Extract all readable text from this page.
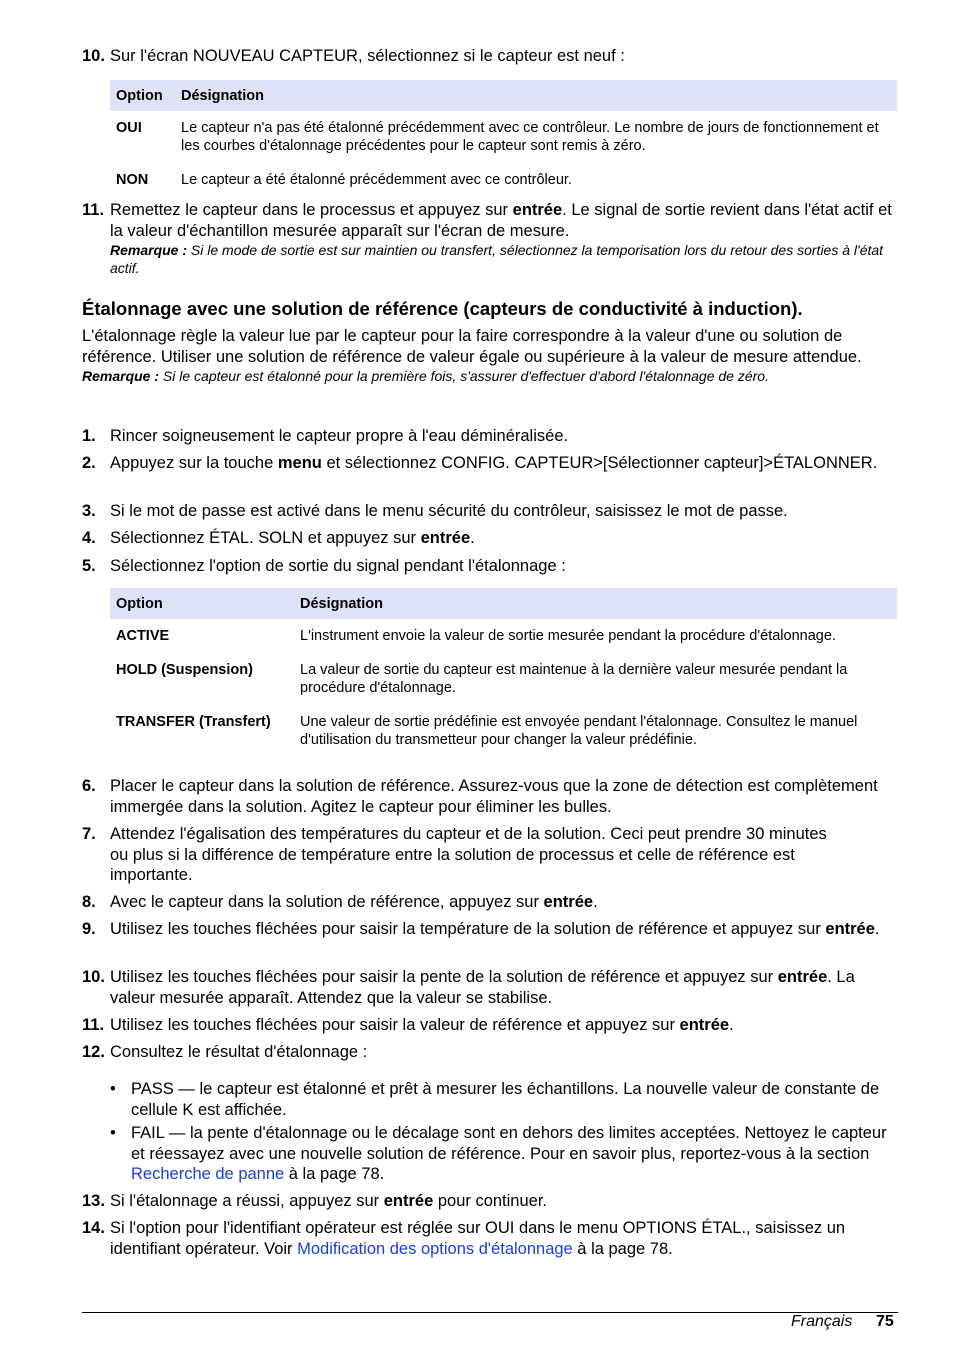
10. Sur l'écran NOUVEAU CAPTEUR, sélectionnez si le capteur est neuf :
Option	Désignation
OUI	Le capteur n'a pas été étalonné précédemment avec ce contrôleur. Le nombre de jours de fonctionnement et les courbes d'étalonnage précédentes pour le capteur sont remis à zéro.
NON	Le capteur a été étalonné précédemment avec ce contrôleur.
11. Remettez le capteur dans le processus et appuyez sur entrée. Le signal de sortie revient dans l'état actif et la valeur d'échantillon mesurée apparaît sur l'écran de mesure.
Remarque : Si le mode de sortie est sur maintien ou transfert, sélectionnez la temporisation lors du retour des sorties à l'état actif.
Étalonnage avec une solution de référence (capteurs de conductivité à induction).
L'étalonnage règle la valeur lue par le capteur pour la faire correspondre à la valeur d'une ou solution de référence. Utiliser une solution de référence de valeur égale ou supérieure à la valeur de mesure attendue.
Remarque : Si le capteur est étalonné pour la première fois, s'assurer d'effectuer d'abord l'étalonnage de zéro.
1. Rincer soigneusement le capteur propre à l'eau déminéralisée.
2. Appuyez sur la touche menu et sélectionnez CONFIG. CAPTEUR>[Sélectionner capteur]>ÉTALONNER.
3. Si le mot de passe est activé dans le menu sécurité du contrôleur, saisissez le mot de passe.
4. Sélectionnez ÉTAL. SOLN et appuyez sur entrée.
5. Sélectionnez l'option de sortie du signal pendant l'étalonnage :
Option	Désignation
ACTIVE	L'instrument envoie la valeur de sortie mesurée pendant la procédure d'étalonnage.
HOLD (Suspension)	La valeur de sortie du capteur est maintenue à la dernière valeur mesurée pendant la procédure d'étalonnage.
TRANSFER (Transfert)	Une valeur de sortie prédéfinie est envoyée pendant l'étalonnage. Consultez le manuel d'utilisation du transmetteur pour changer la valeur prédéfinie.
6. Placer le capteur dans la solution de référence. Assurez-vous que la zone de détection est complètement immergée dans la solution. Agitez le capteur pour éliminer les bulles.
7. Attendez l'égalisation des températures du capteur et de la solution. Ceci peut prendre 30 minutes ou plus si la différence de température entre la solution de processus et celle de référence est importante.
8. Avec le capteur dans la solution de référence, appuyez sur entrée.
9. Utilisez les touches fléchées pour saisir la température de la solution de référence et appuyez sur entrée.
10. Utilisez les touches fléchées pour saisir la pente de la solution de référence et appuyez sur entrée. La valeur mesurée apparaît. Attendez que la valeur se stabilise.
11. Utilisez les touches fléchées pour saisir la valeur de référence et appuyez sur entrée.
12. Consultez le résultat d'étalonnage :
• PASS — le capteur est étalonné et prêt à mesurer les échantillons. La nouvelle valeur de constante de cellule K est affichée.
• FAIL — la pente d'étalonnage ou le décalage sont en dehors des limites acceptées. Nettoyez le capteur et réessayez avec une nouvelle solution de référence. Pour en savoir plus, reportez-vous à la section Recherche de panne à la page 78.
13. Si l'étalonnage a réussi, appuyez sur entrée pour continuer.
14. Si l'option pour l'identifiant opérateur est réglée sur OUI dans le menu OPTIONS ÉTAL., saisissez un identifiant opérateur. Voir Modification des options d'étalonnage à la page 78.
Français 75
